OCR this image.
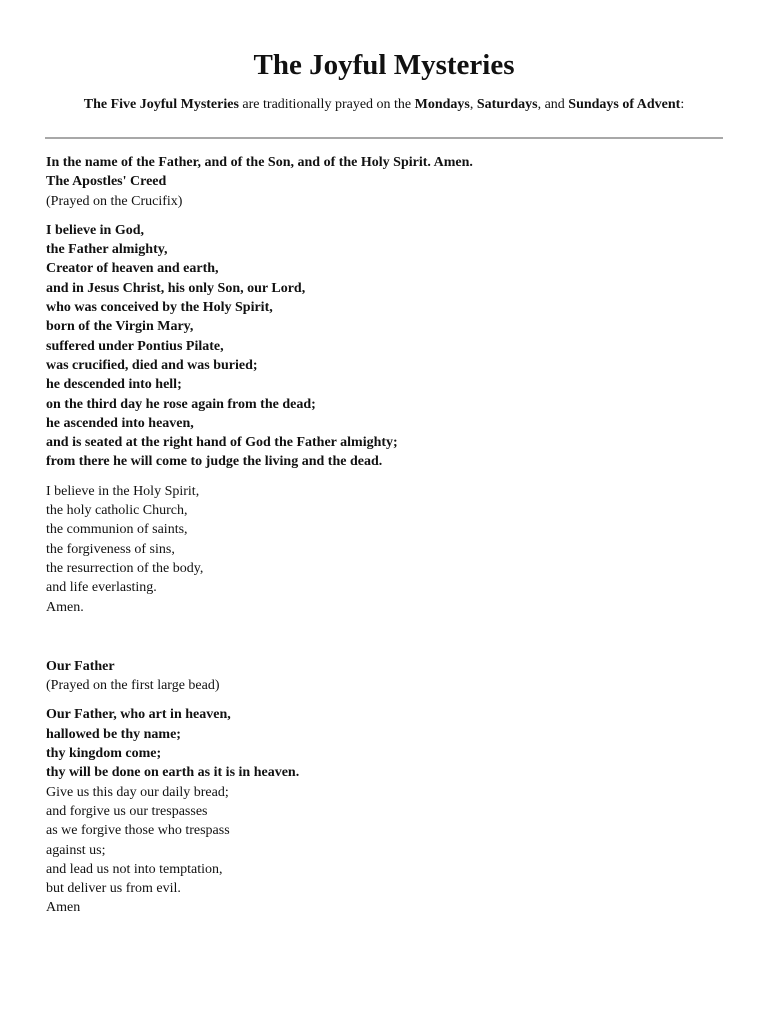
The Joyful Mysteries

The Five Joyful Mysteries are traditionally prayed on the Mondays, Saturdays, and Sundays of Advent:

In the name of the Father, and of the Son, and of the Holy Spirit. Amen.

The Apostles' Creed
(Prayed on the Crucifix)
I believe in God,
the Father almighty,
Creator of heaven and earth,
and in Jesus Christ, his only Son, our Lord,
who was conceived by the Holy Spirit,
born of the Virgin Mary,
suffered under Pontius Pilate,
was crucified, died and was buried;
he descended into hell;
on the third day he rose again from the dead;
he ascended into heaven,
and is seated at the right hand of God the Father almighty;
from there he will come to judge the living and the dead.
I believe in the Holy Spirit,
the holy catholic Church,
the communion of saints,
the forgiveness of sins,
the resurrection of the body,
and life everlasting.
Amen.
Our Father
(Prayed on the first large bead)
Our Father, who art in heaven,
hallowed be thy name;
thy kingdom come;
thy will be done on earth as it is in heaven.
Give us this day our daily bread;
and forgive us our trespasses
as we forgive those who trespass
against us;
and lead us not into temptation,
but deliver us from evil.
Amen
